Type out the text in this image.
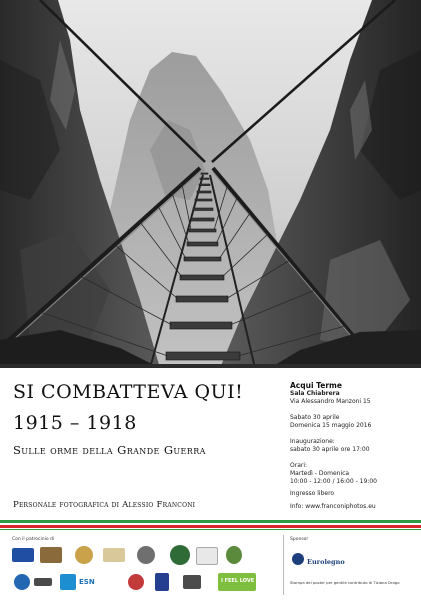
SI COMBATTEVA QUI!
1915 – 1918
Sulle orme della Grande Guerra
Personale fotografica di Alessio Franconi
Acqui Terme
Sala Chiabrera
Via Alessandro Manzoni 15
Sabato 30 aprile
Domenica 15 maggio 2016
Inaugurazione:
sabato 30 aprile ore 17:00
Orari:
Martedì - Domenica
10:00 - 12:00 / 16:00 - 19:00
Ingresso libero
Info: www.franconiphotos.eu
Con il patrocinio di	Sponsor
ESN	I FEEL LOVE
Eurolegno
Stampa dei poster per gentile contributo di Tiziana Drago
